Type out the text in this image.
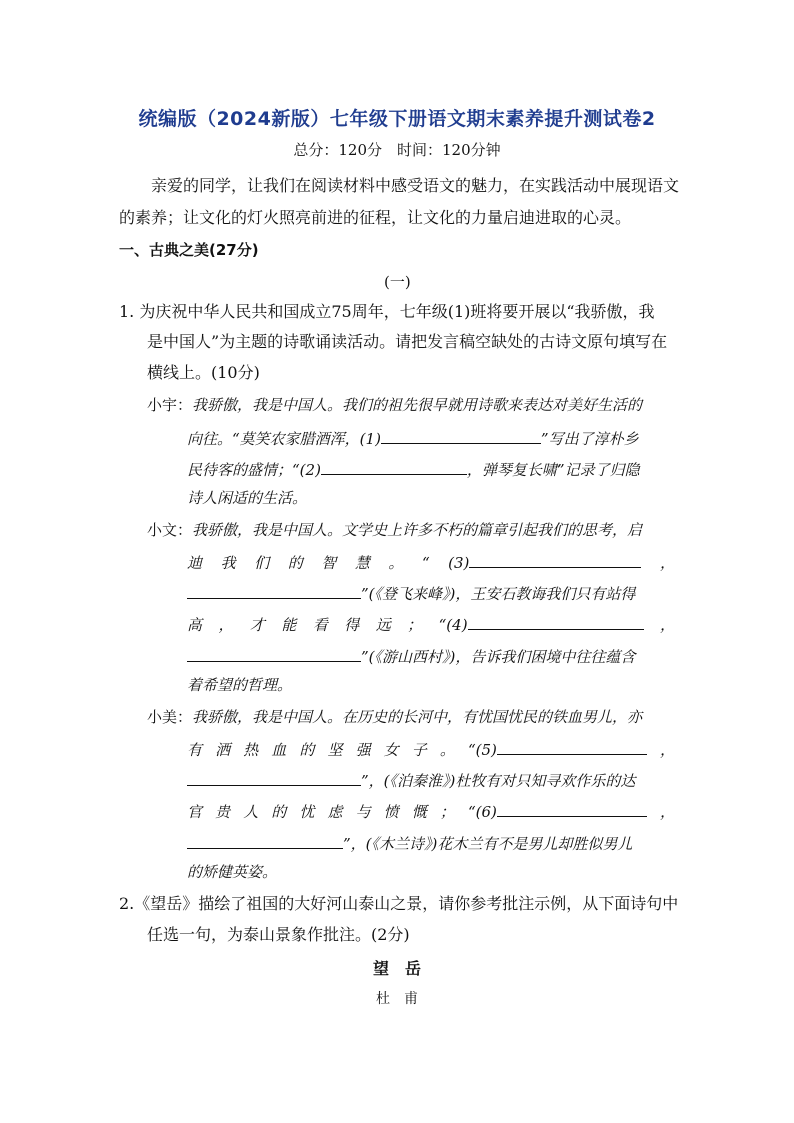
统编版（2024新版）七年级下册语文期末素养提升测试卷2
总分：120分　时间：120分钟
亲爱的同学，让我们在阅读材料中感受语文的魅力，在实践活动中展现语文
的素养；让文化的灯火照亮前进的征程，让文化的力量启迪进取的心灵。
一、古典之美(27分)
(一)
1. 为庆祝中华人民共和国成立75周年，七年级(1)班将要开展以“我骄傲，我
是中国人”为主题的诗歌诵读活动。请把发言稿空缺处的古诗文原句填写在
横线上。(10分)
小宇：我骄傲，我是中国人。我们的祖先很早就用诗歌来表达对美好生活的
向往。“莫笑农家腊酒浑，(1)	”写出了淳朴乡
民待客的盛情；“(2)	，弹琴复长啸”记录了归隐
诗人闲适的生活。
小文：我骄傲，我是中国人。文学史上许多不朽的篇章引起我们的思考，启
迪 我 们 的 智 慧 。 “ (3)	，
”(《登飞来峰》)，王安石教诲我们只有站得
高 ， 才 能 看 得 远 ； “(4)	，
”(《游山西村》)，告诉我们困境中往往蕴含
着希望的哲理。
小美：我骄傲，我是中国人。在历史的长河中，有忧国忧民的铁血男儿，亦
有 洒 热 血 的 坚 强 女 子 。 “(5)	，
”，(《泊秦淮》)杜牧有对只知寻欢作乐的达
官 贵 人 的 忧 虑 与 愤 慨 ； “(6)	，
”，(《木兰诗》)花木兰有不是男儿却胜似男儿
的矫健英姿。
2.《望岳》描绘了祖国的大好河山泰山之景，请你参考批注示例，从下面诗句中
任选一句，为泰山景象作批注。(2分)
望　岳
杜　甫
